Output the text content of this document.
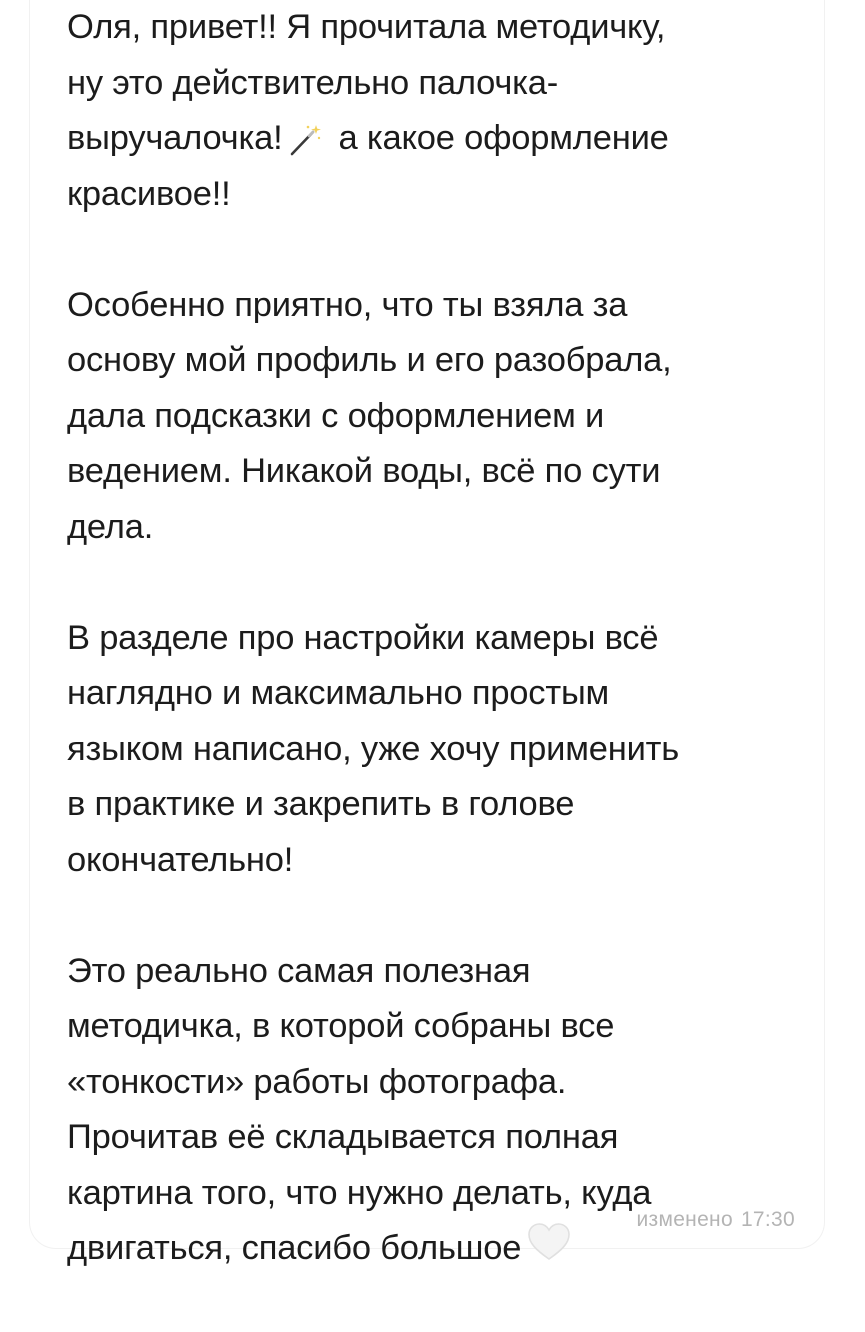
Оля, привет!! Я прочитала методичку,
ну это действительно палочка-
выручалочка! а какое оформление
красивое!!
Особенно приятно, что ты взяла за
основу мой профиль и его разобрала,
дала подсказки с оформлением и
ведением. Никакой воды, всё по сути
дела.
В разделе про настройки камеры всё
наглядно и максимально простым
языком написано, уже хочу применить
в практике и закрепить в голове
окончательно!
Это реально самая полезная
методичка, в которой собраны все
«тонкости» работы фотографа.
Прочитав её складывается полная
картина того, что нужно делать, куда
двигаться, спасибо большое
изменено 17:30
